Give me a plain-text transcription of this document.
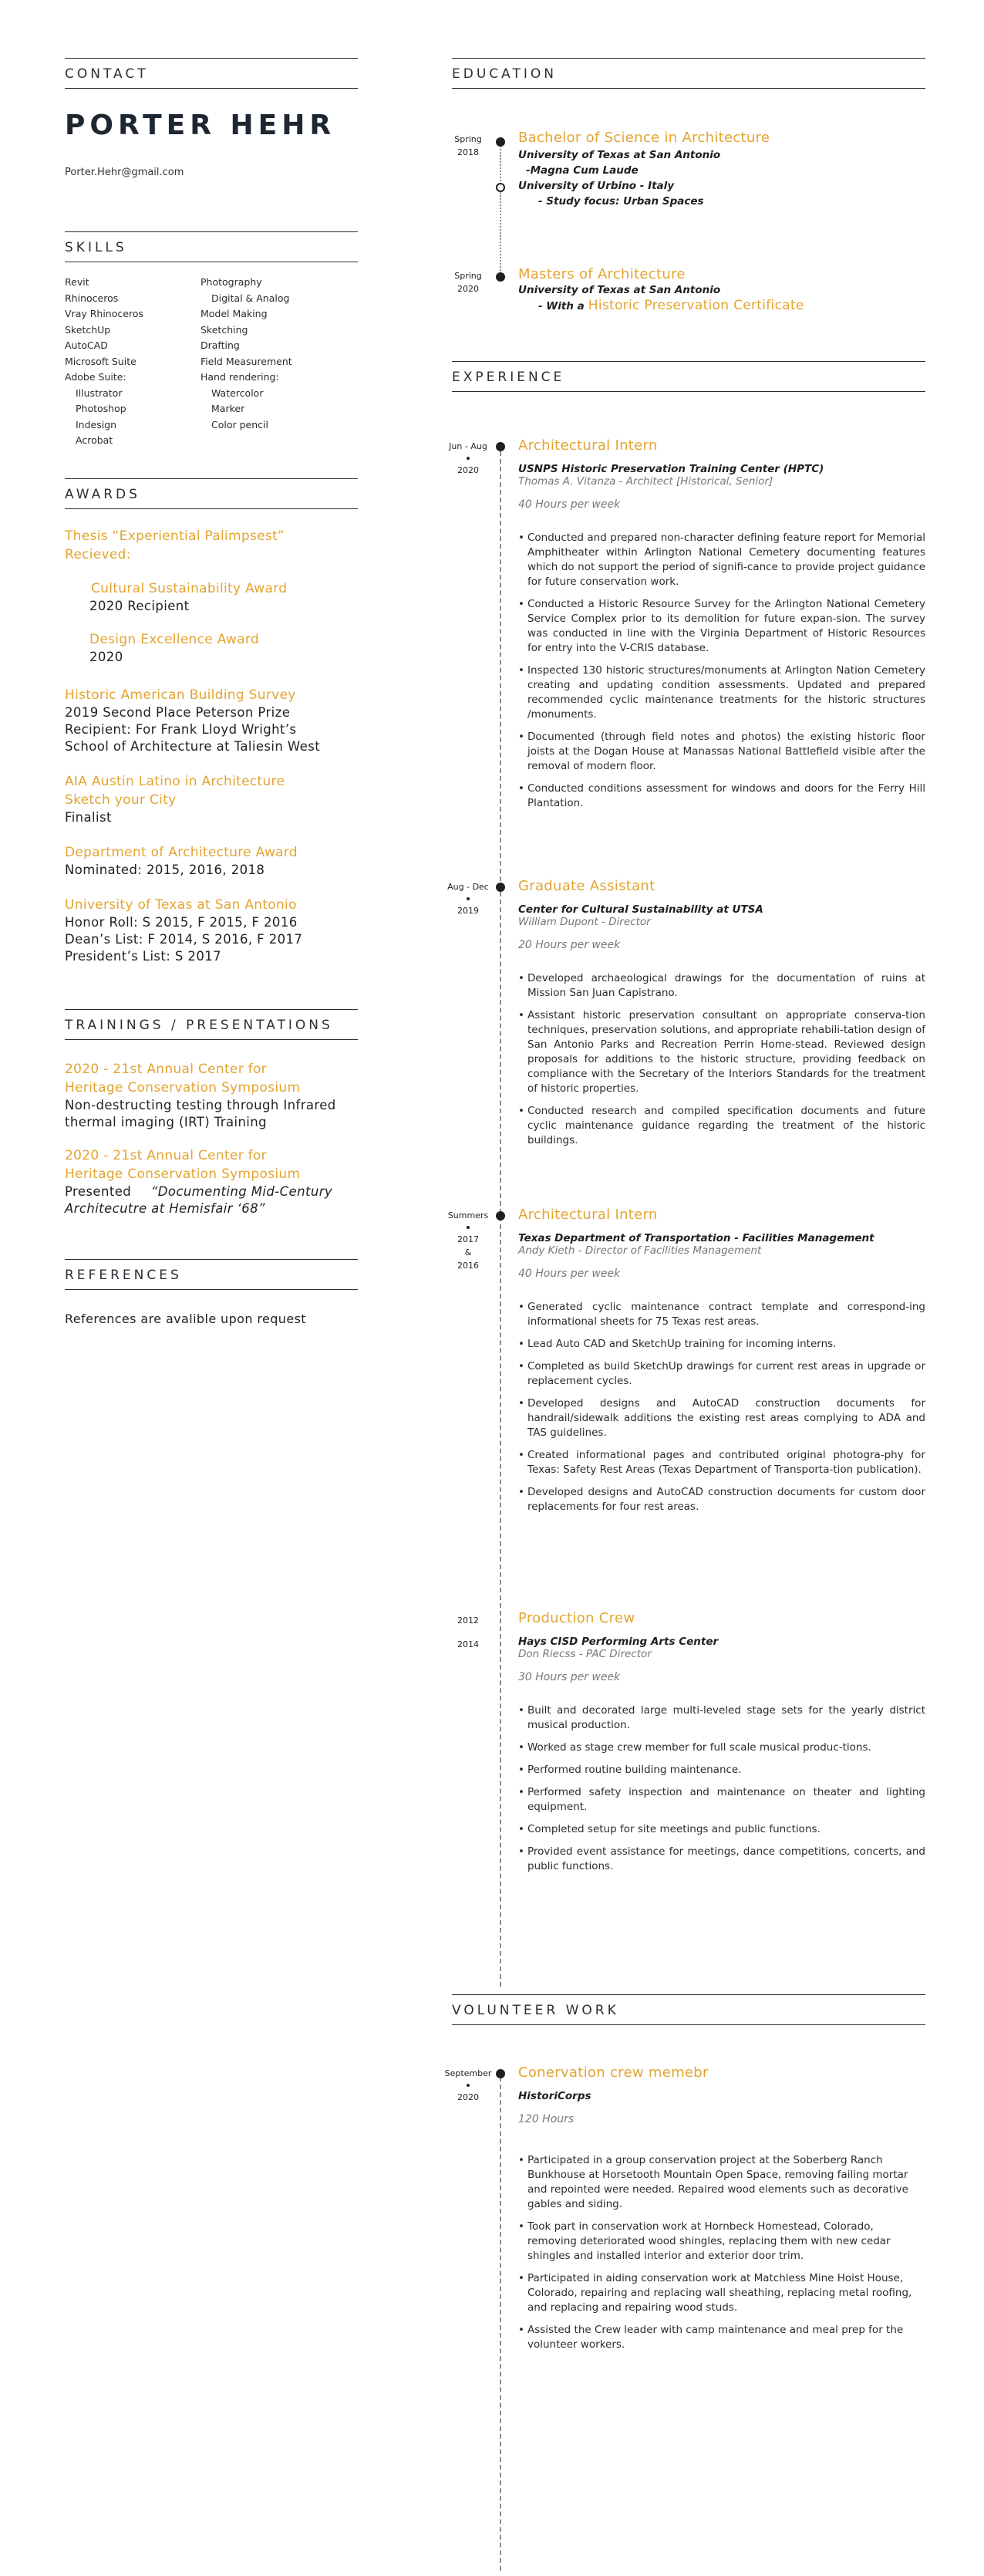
CONTACT
PORTER HEHR
Porter.Hehr@gmail.com
SKILLS
Revit
Rhinoceros
Vray Rhinoceros
SketchUp
AutoCAD
Microsoft Suite
Adobe Suite:
Illustrator
Photoshop
Indesign
Acrobat
Photography
Digital & Analog
Model Making
Sketching
Drafting
Field Measurement
Hand rendering:
Watercolor
Marker
Color pencil
AWARDS
Thesis “Experiential Palimpsest”
Recieved:
Cultural Sustainability Award
2020 Recipient
Design Excellence Award
2020
Historic American Building Survey
2019 Second Place Peterson Prize
Recipient: For Frank Lloyd Wright’s
School of Architecture at Taliesin West
AIA Austin Latino in Architecture
Sketch your City
Finalist
Department of Architecture Award
Nominated: 2015, 2016, 2018
University of Texas at San Antonio
Honor Roll: S 2015, F 2015, F 2016
Dean’s List: F 2014, S 2016, F 2017
President’s List: S 2017
TRAININGS / PRESENTATIONS
2020 - 21st Annual Center for
Heritage Conservation Symposium
Non-destructing testing through Infrared
thermal imaging (IRT) Training
2020 - 21st Annual Center for
Heritage Conservation Symposium
Presented “Documenting Mid-Century
Architecutre at Hemisfair ‘68”
REFERENCES
References are avalible upon request
EDUCATION
Spring
2018
Bachelor of Science in Architecture
University of Texas at San Antonio
-Magna Cum Laude
University of Urbino - Italy
- Study focus: Urban Spaces
Spring
2020
Masters of Architecture
University of Texas at San Antonio
- With a Historic Preservation Certificate
EXPERIENCE
Jun - Aug
2020
Architectural Intern
USNPS Historic Preservation Training Center (HPTC)
Thomas A. Vitanza - Architect [Historical, Senior]
40 Hours per week
• Conducted and prepared non-character defining feature report for Memorial Amphitheater within Arlington National Cemetery documenting features which do not support the period of signifi-cance to provide project guidance for future conservation work.
• Conducted a Historic Resource Survey for the Arlington National Cemetery Service Complex prior to its demolition for future expan-sion. The survey was conducted in line with the Virginia Department of Historic Resources for entry into the V-CRIS database.
• Inspected 130 historic structures/monuments at Arlington Nation Cemetery creating and updating condition assessments. Updated and prepared recommended cyclic maintenance treatments for the historic structures /monuments.
• Documented (through field notes and photos) the existing historic floor joists at the Dogan House at Manassas National Battlefield visible after the removal of modern floor.
• Conducted conditions assessment for windows and doors for the Ferry Hill Plantation.
Aug - Dec
2019
Graduate Assistant
Center for Cultural Sustainability at UTSA
William Dupont - Director
20 Hours per week
• Developed archaeological drawings for the documentation of ruins at Mission San Juan Capistrano.
• Assistant historic preservation consultant on appropriate conserva-tion techniques, preservation solutions, and appropriate rehabili-tation design of San Antonio Parks and Recreation Perrin Home-stead. Reviewed design proposals for additions to the historic structure, providing feedback on compliance with the Secretary of the Interiors Standards for the treatment of historic properties.
• Conducted research and compiled specification documents and future cyclic maintenance guidance regarding the treatment of the historic buildings.
Summers
2017
&
2016
Architectural Intern
Texas Department of Transportation - Facilities Management
Andy Kieth - Director of Facilities Management
40 Hours per week
• Generated cyclic maintenance contract template and correspond-ing informational sheets for 75 Texas rest areas.
• Lead Auto CAD and SketchUp training for incoming interns.
• Completed as build SketchUp drawings for current rest areas in upgrade or replacement cycles.
• Developed designs and AutoCAD construction documents for handrail/sidewalk additions the existing rest areas complying to ADA and TAS guidelines.
• Created informational pages and contributed original photogra-phy for Texas: Safety Rest Areas (Texas Department of Transporta-tion publication).
• Developed designs and AutoCAD construction documents for custom door replacements for four rest areas.
2012
2014
Production Crew
Hays CISD Performing Arts Center
Don Riecss - PAC Director
30 Hours per week
• Built and decorated large multi-leveled stage sets for the yearly district musical production.
• Worked as stage crew member for full scale musical produc-tions.
• Performed routine building maintenance.
• Performed safety inspection and maintenance on theater and lighting equipment.
• Completed setup for site meetings and public functions.
• Provided event assistance for meetings, dance competitions, concerts, and public functions.
VOLUNTEER WORK
September
2020
Conervation crew memebr
HistoriCorps
120 Hours
• Participated in a group conservation project at the Soberberg Ranch Bunkhouse at Horsetooth Mountain Open Space, removing failing mortar and repointed were needed. Repaired wood elements such as decorative gables and siding.
• Took part in conservation work at Hornbeck Homestead, Colorado, removing deteriorated wood shingles, replacing them with new cedar shingles and installed interior and exterior door trim.
• Participated in aiding conservation work at Matchless Mine Hoist House, Colorado, repairing and replacing wall sheathing, replacing metal roofing, and replacing and repairing wood studs.
• Assisted the Crew leader with camp maintenance and meal prep for the volunteer workers.
